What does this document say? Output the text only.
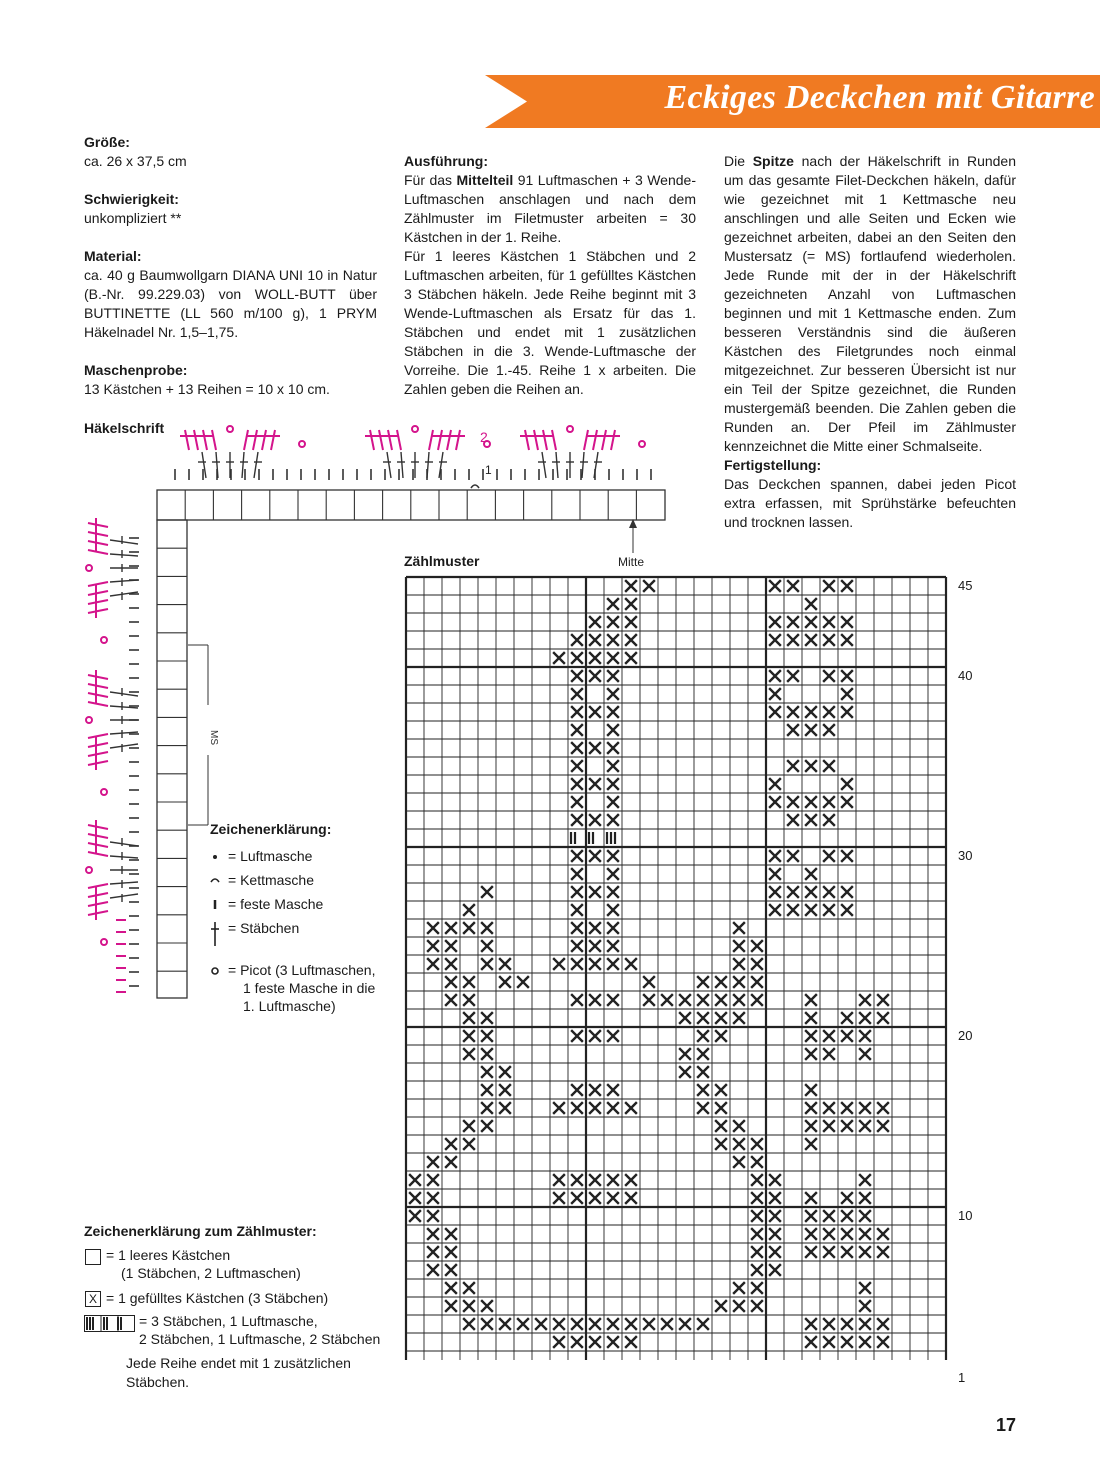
Eckiges Deckchen mit Gitarre

Größe:

ca. 26 x 37,5 cm

Schwierigkeit:

unkompliziert **

Material:

ca. 40 g Baumwollgarn DIANA UNI 10 in Natur (B.-Nr. 99.229.03) von WOLL-BUTT über BUTTINETTE (LL 560 m/100 g), 1 PRYM Häkelnadel Nr. 1,5–1,75.

Maschenprobe:

13 Kästchen + 13 Reihen = 10 x 10 cm.

Ausführung:

Für das Mittelteil 91 Luftmaschen + 3 Wende-Luftmaschen anschlagen und nach dem Zählmuster im Filetmuster arbeiten = 30 Kästchen in der 1. Reihe.

Für 1 leeres Kästchen 1 Stäbchen und 2 Luftmaschen arbeiten, für 1 gefülltes Kästchen 3 Stäbchen häkeln. Jede Reihe beginnt mit 3 Wende-Luftmaschen als Ersatz für das 1. Stäbchen und endet mit 1 zusätzlichen Stäbchen in die 3. Wende-Luftmasche der Vorreihe. Die 1.-45. Reihe 1 x arbeiten. Die Zahlen geben die Reihen an.

Die Spitze nach der Häkelschrift in Runden um das gesamte Filet-Deckchen häkeln, dafür wie gezeichnet mit 1 Kettmasche neu anschlingen und alle Seiten und Ecken wie gezeichnet arbeiten, dabei an den Seiten den Mustersatz (= MS) fortlaufend wiederholen. Jede Runde mit der in der Häkelschrift gezeichneten Anzahl von Luftmaschen beginnen und mit 1 Kettmasche enden. Zum besseren Verständnis sind die äußeren Kästchen des Filetgrundes noch einmal mitgezeichnet. Zur besseren Übersicht ist nur ein Teil der Spitze gezeichnet, die Runden mustergemäß beenden. Die Zahlen geben die Runden an. Der Pfeil im Zählmuster kennzeichnet die Mitte einer Schmalseite.

Fertigstellung:

Das Deckchen spannen, dabei jeden Picot extra erfassen, mit Sprühstärke befeuchten und trocknen lassen.

Häkelschrift
MS
Mitte
2
1
Zeichenerklärung:
= Luftmasche
= Kettmasche
= feste Masche
= Stäbchen
= Picot (3 Luftmaschen,
1 feste Masche in die
1. Luftmasche)
Zeichenerklärung zum Zählmuster:
= 1 leeres Kästchen
(1 Stäbchen, 2 Luftmaschen)
X = 1 gefülltes Kästchen (3 Stäbchen)
= 3 Stäbchen, 1 Luftmasche,
2 Stäbchen, 1 Luftmasche, 2 Stäbchen
Jede Reihe endet mit 1 zusätzlichen
Stäbchen.
Zählmuster
45
40
30
20
10
1
17
